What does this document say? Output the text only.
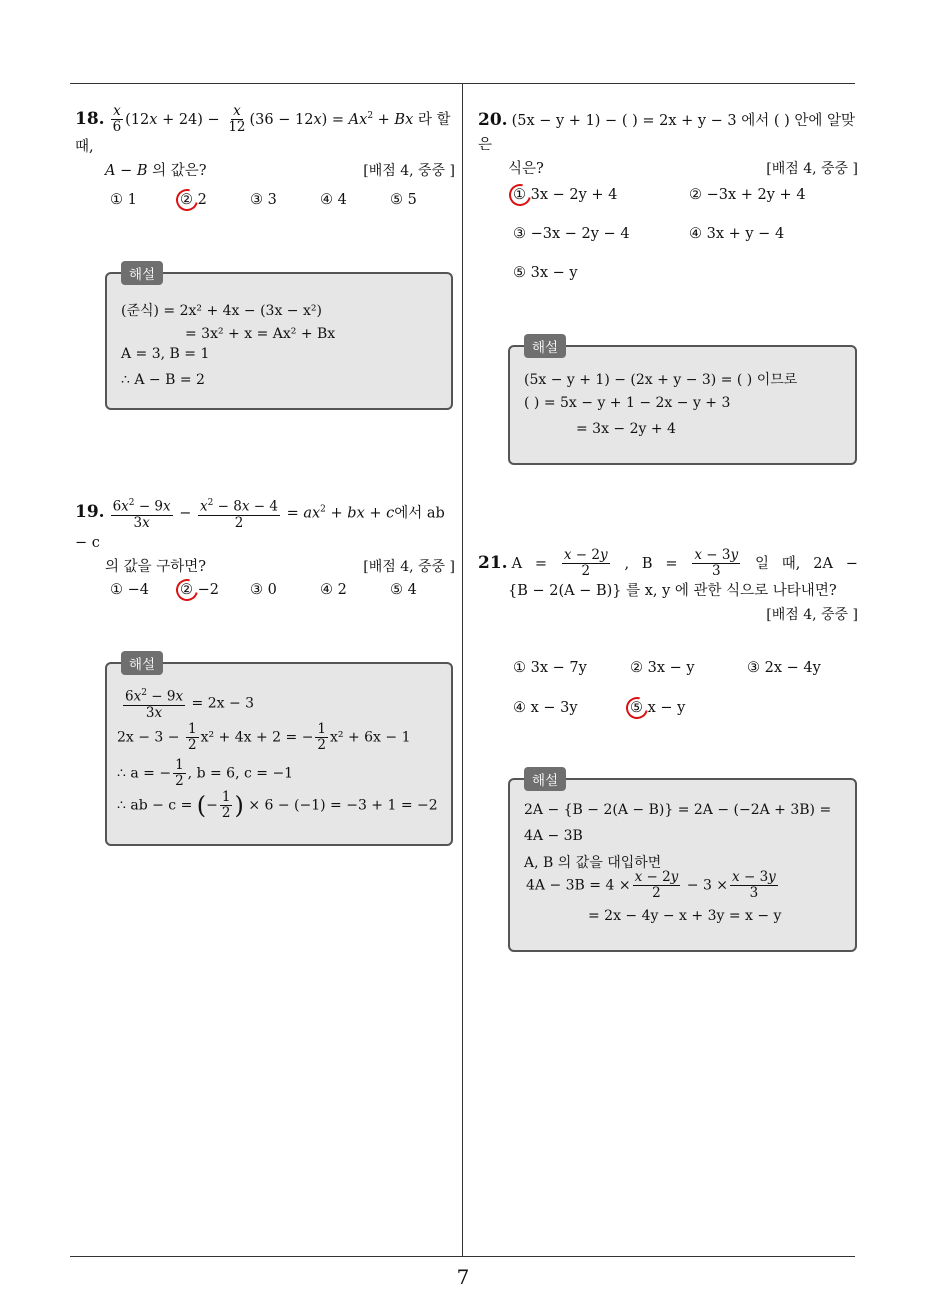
7
18. $\frac{x}{6} (12x + 24) - \frac{x}{12} (36 - 12x) = Ax^2 + Bx$ 라 할 때,
A − B 의 값은?	[배점 4, 중중 ]
① 1	② 2	③ 3	④ 4	⑤ 5
해설
(준식) = 2x² + 4x − (3x − x²)
= 3x² + x = Ax² + Bx
A = 3, B = 1
∴ A − B = 2
19. $\frac{6x^2 - 9x}{3x} - \frac{x^2 - 8x - 4}{2} = ax^2$ + bx + c에서 ab − c
의 값을 구하면?	[배점 4, 중중 ]
① −4 ② −2 ③ 0	④ 2	⑤ 4
해설
$\frac{6x^2 - 9x}{3x} = 2x - 3$
$2x - 3 - \frac{1}{2} x^2 + 4x + 2$ = − $\frac{1}{2} x^2 + 6x - 1$
∴ a = − $\frac{1}{2}$ , b = 6, c = −1
∴ ab − c = (− $\frac{1}{2}$ ) × 6 − (−1) = −3 + 1 = −2
20. (5x − y + 1) − ( ) = 2x + y − 3 에서 ( ) 안에 알맞은
식은?	[배점 4, 중중 ]
① 3x − 2y + 4	② −3x + 2y + 4
③ −3x − 2y − 4	④ 3x + y − 4
⑤ 3x − y
해설
(5x − y + 1) − (2x + y − 3) = ( ) 이므로
( ) = 5x − y + 1 − 2x − y + 3
= 3x − 2y + 4
21. $A = \frac{x - 2y}{2}$ , $B = \frac{x - 3y}{3}$ 일 때, 2A −
{B − 2(A − B)} 를 x, y 에 관한 식으로 나타내면?
[배점 4, 중중 ]
① 3x − 7y	② 3x − y	③ 2x − 4y
④ x − 3y	⑤ x − y
해설
2A − {B − 2(A − B)} = 2A − (−2A + 3B) =
4A − 3B
A, B 의 값을 대입하면
$4A - 3B = 4 \times \frac{x - 2y}{2} - 3 \times \frac{x - 3y}{3}$
= 2x − 4y − x + 3y = x − y
